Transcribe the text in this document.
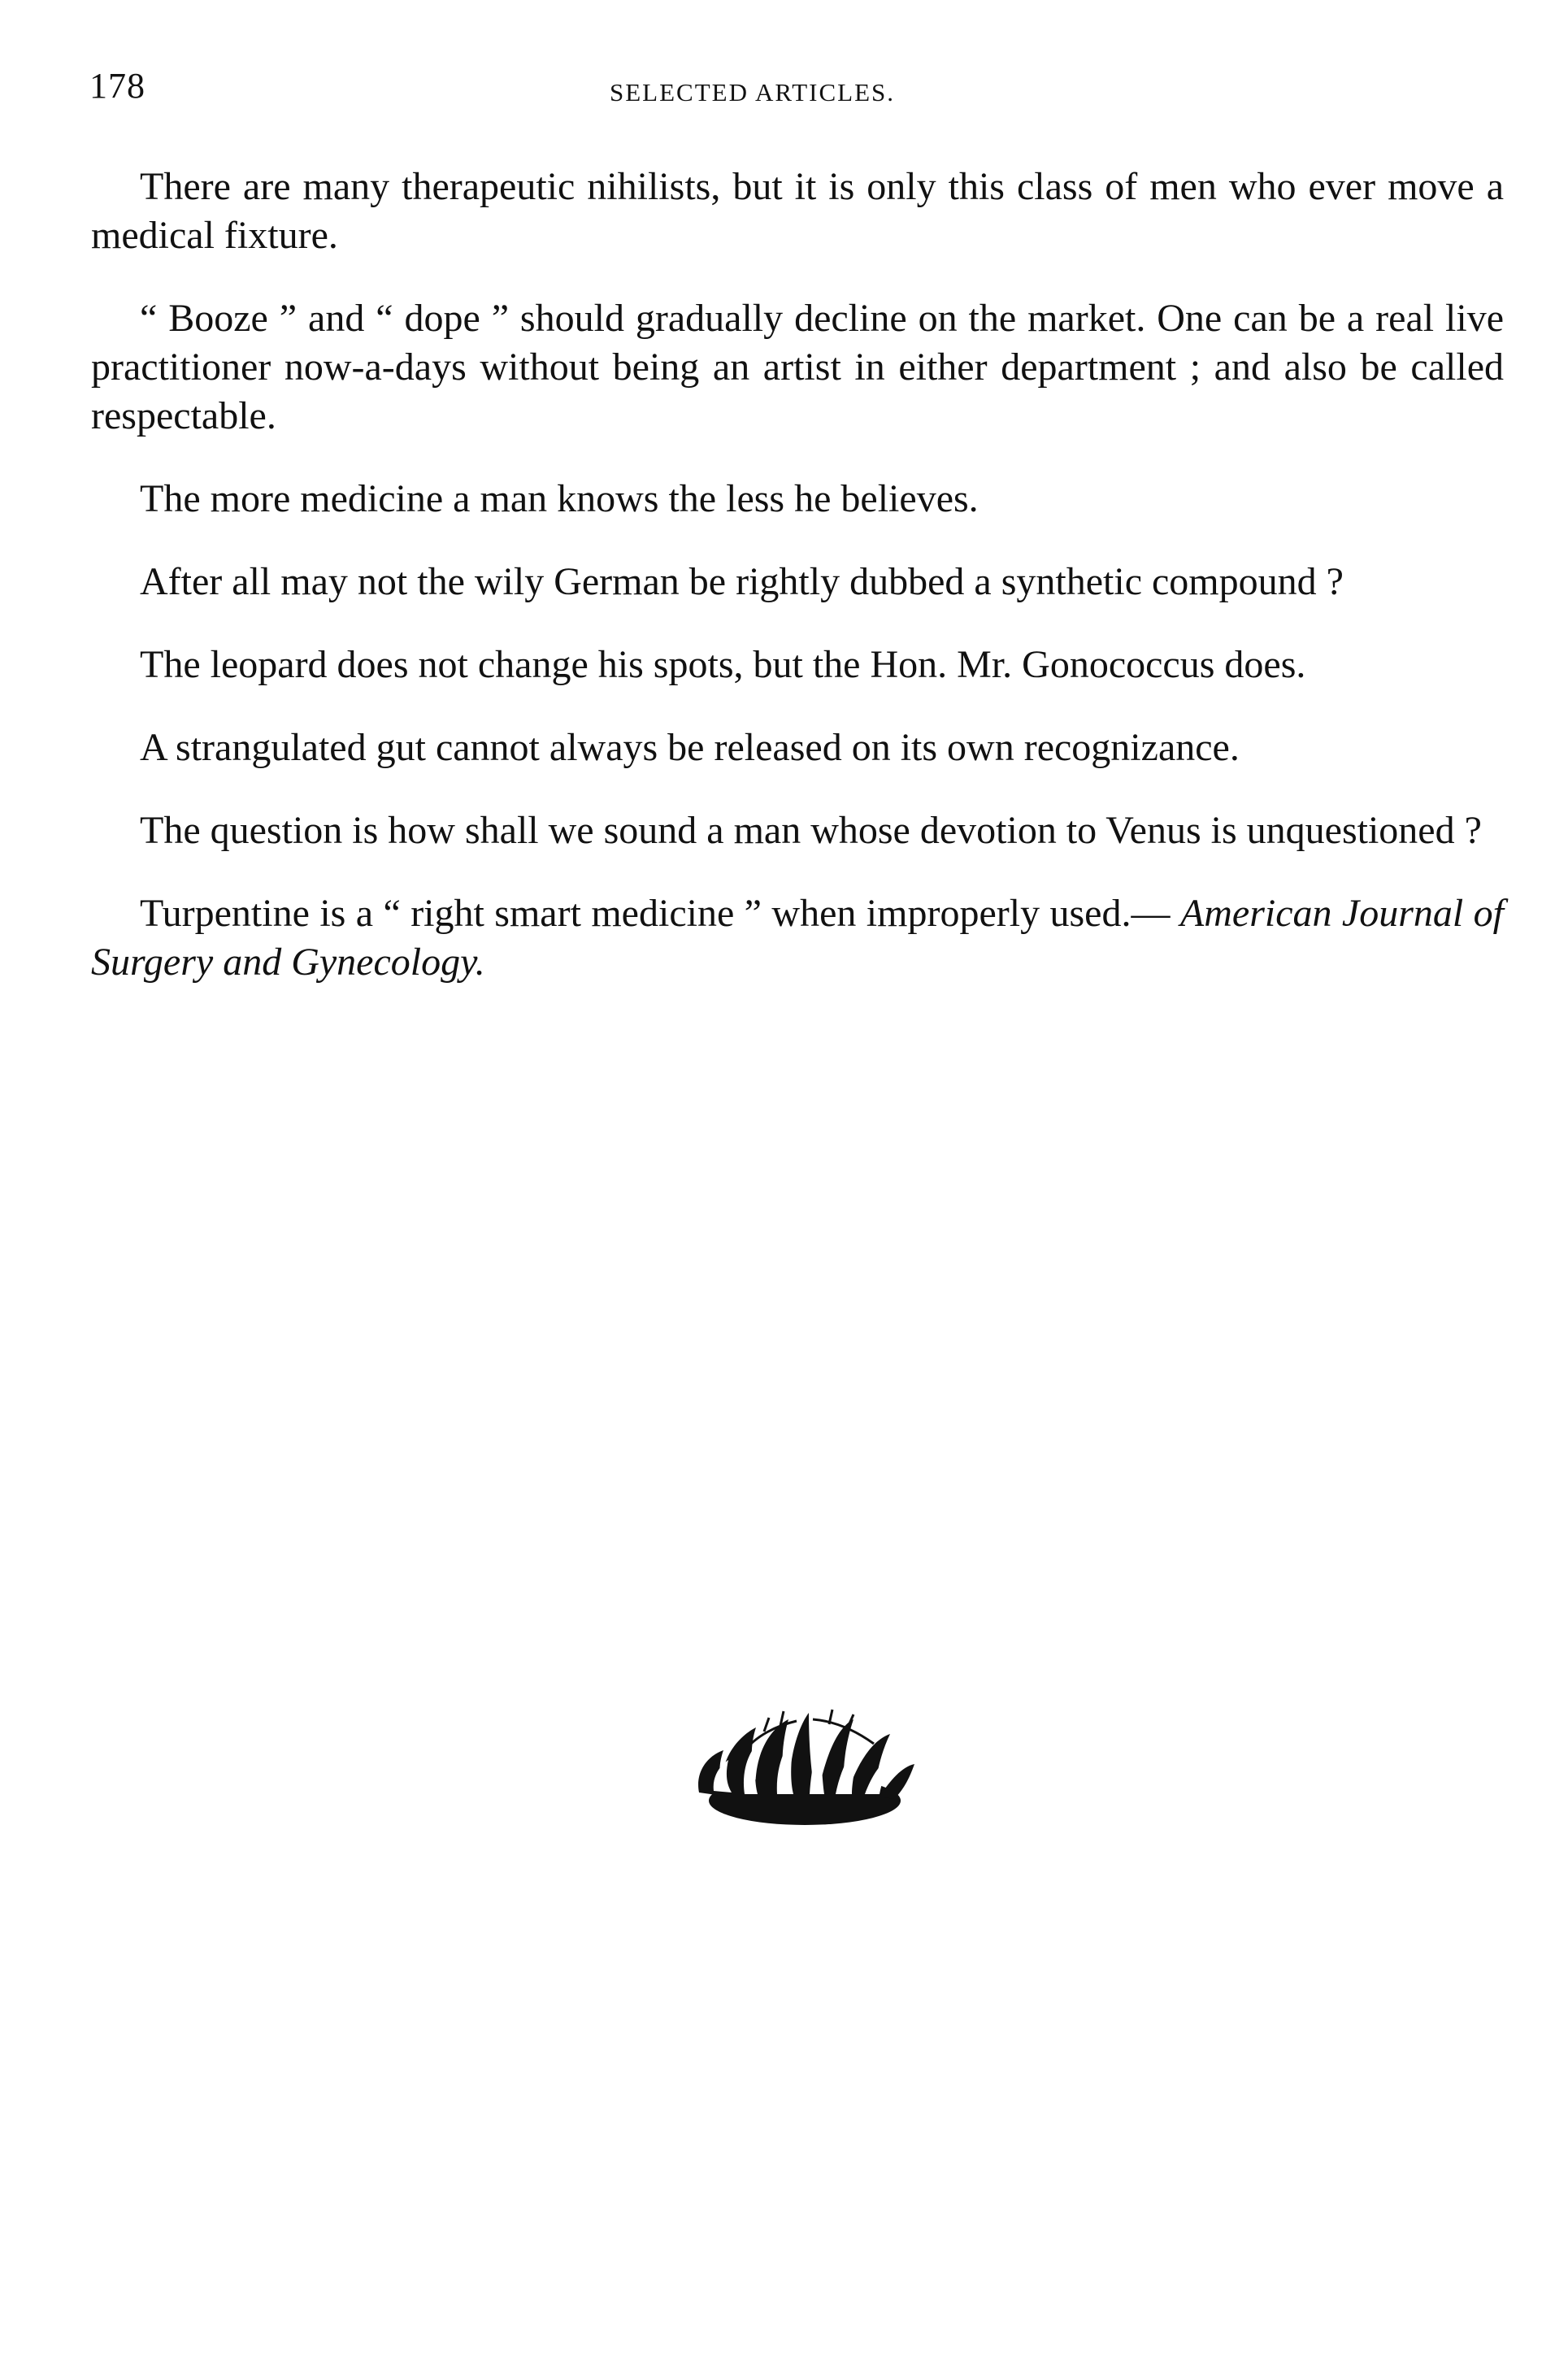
178	SELECTED ARTICLES.

There are many therapeutic nihilists, but it is only this class of men who ever move a medical fixture.

“ Booze ” and “ dope ” should gradually decline on the market. One can be a real live practitioner now-a-days without being an artist in either department ; and also be called respectable.

The more medicine a man knows the less he believes.

After all may not the wily German be rightly dubbed a synthetic compound ?

The leopard does not change his spots, but the Hon. Mr. Gonococcus does.

A strangulated gut cannot always be released on its own recognizance.

The question is how shall we sound a man whose devotion to Venus is unquestioned ?

Turpentine is a “ right smart medicine ” when improperly used.— American Journal of Surgery and Gynecology.
